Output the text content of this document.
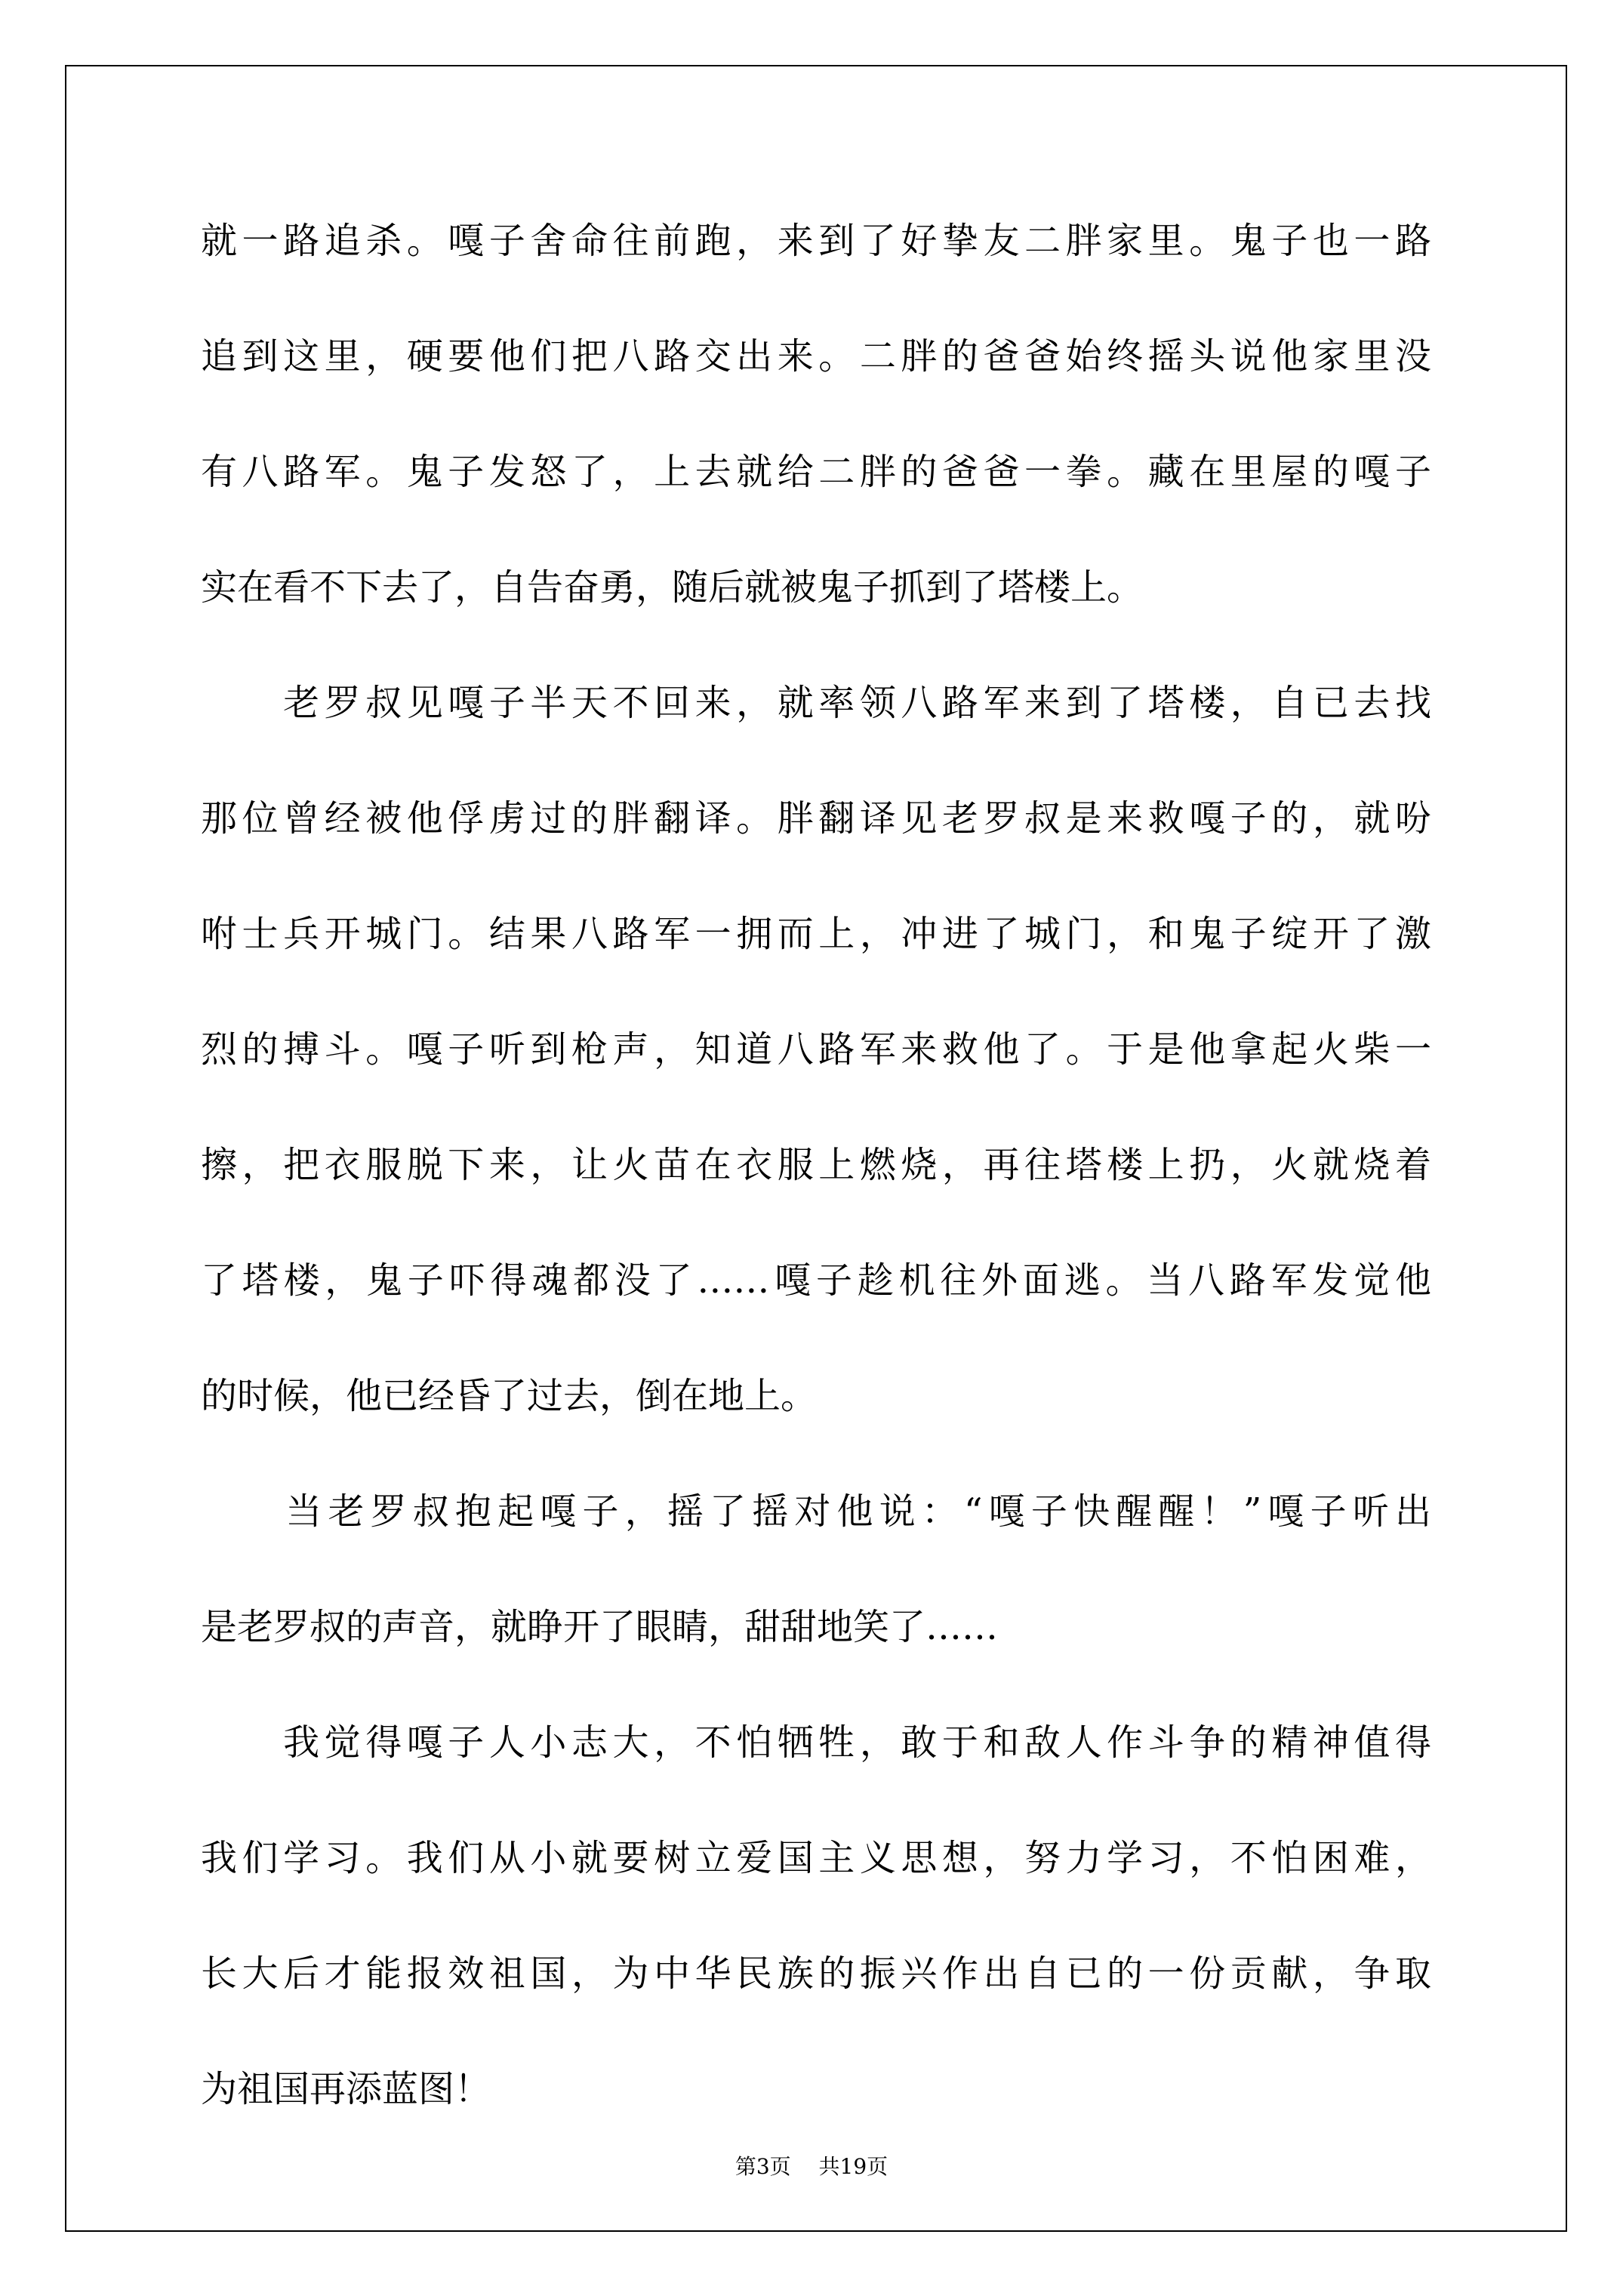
就一路追杀。嘎子舍命往前跑，来到了好挚友二胖家里。鬼子也一路
追到这里，硬要他们把八路交出来。二胖的爸爸始终摇头说他家里没
有八路军。鬼子发怒了，上去就给二胖的爸爸一拳。藏在里屋的嘎子
实在看不下去了，自告奋勇，随后就被鬼子抓到了塔楼上。
　　老罗叔见嘎子半天不回来，就率领八路军来到了塔楼，自已去找
那位曾经被他俘虏过的胖翻译。胖翻译见老罗叔是来救嘎子的，就吩
咐士兵开城门。结果八路军一拥而上，冲进了城门，和鬼子绽开了激
烈的搏斗。嘎子听到枪声，知道八路军来救他了。于是他拿起火柴一
擦，把衣服脱下来，让火苗在衣服上燃烧，再往塔楼上扔，火就烧着
了塔楼，鬼子吓得魂都没了……嘎子趁机往外面逃。当八路军发觉他
的时候，他已经昏了过去，倒在地上。
　　当老罗叔抱起嘎子，摇了摇对他说：“嘎子快醒醒！”嘎子听出
是老罗叔的声音，就睁开了眼睛，甜甜地笑了……
　　我觉得嘎子人小志大，不怕牺牲，敢于和敌人作斗争的精神值得
我们学习。我们从小就要树立爱国主义思想，努力学习，不怕困难，
长大后才能报效祖国，为中华民族的振兴作出自已的一份贡献，争取
为祖国再添蓝图！
第3页 共19页
